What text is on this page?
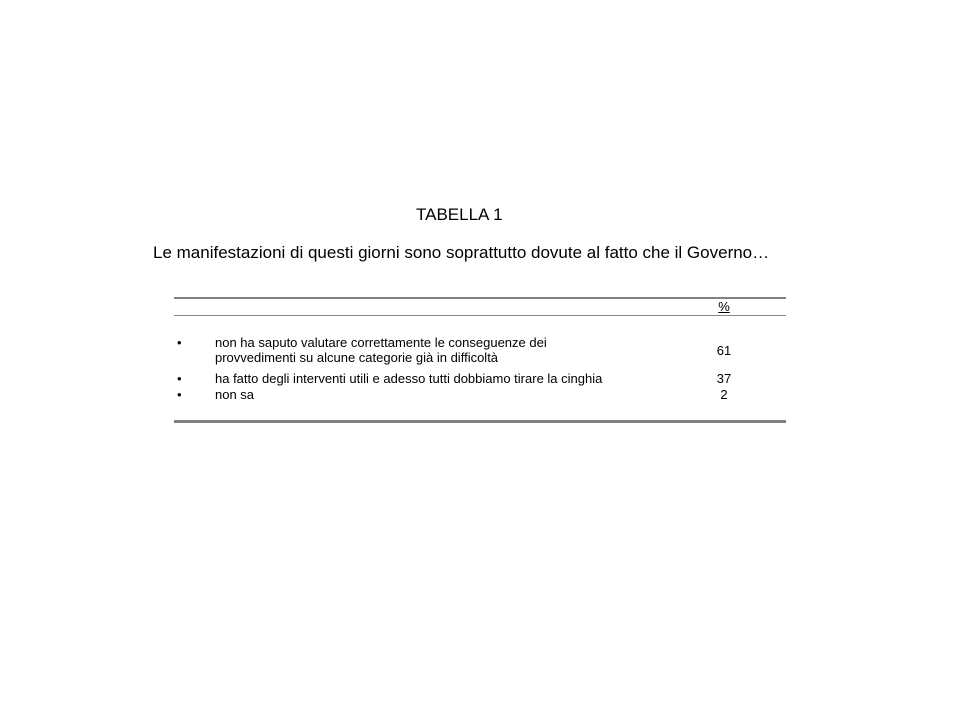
TABELLA 1
Le manifestazioni di questi giorni sono soprattutto dovute al fatto che il Governo…
%
•	non ha saputo valutare correttamente le conseguenze dei
provvedimenti su alcune categorie già in difficoltà	61
•	ha fatto degli interventi utili e adesso tutti dobbiamo tirare la cinghia	37
•	non sa	2
